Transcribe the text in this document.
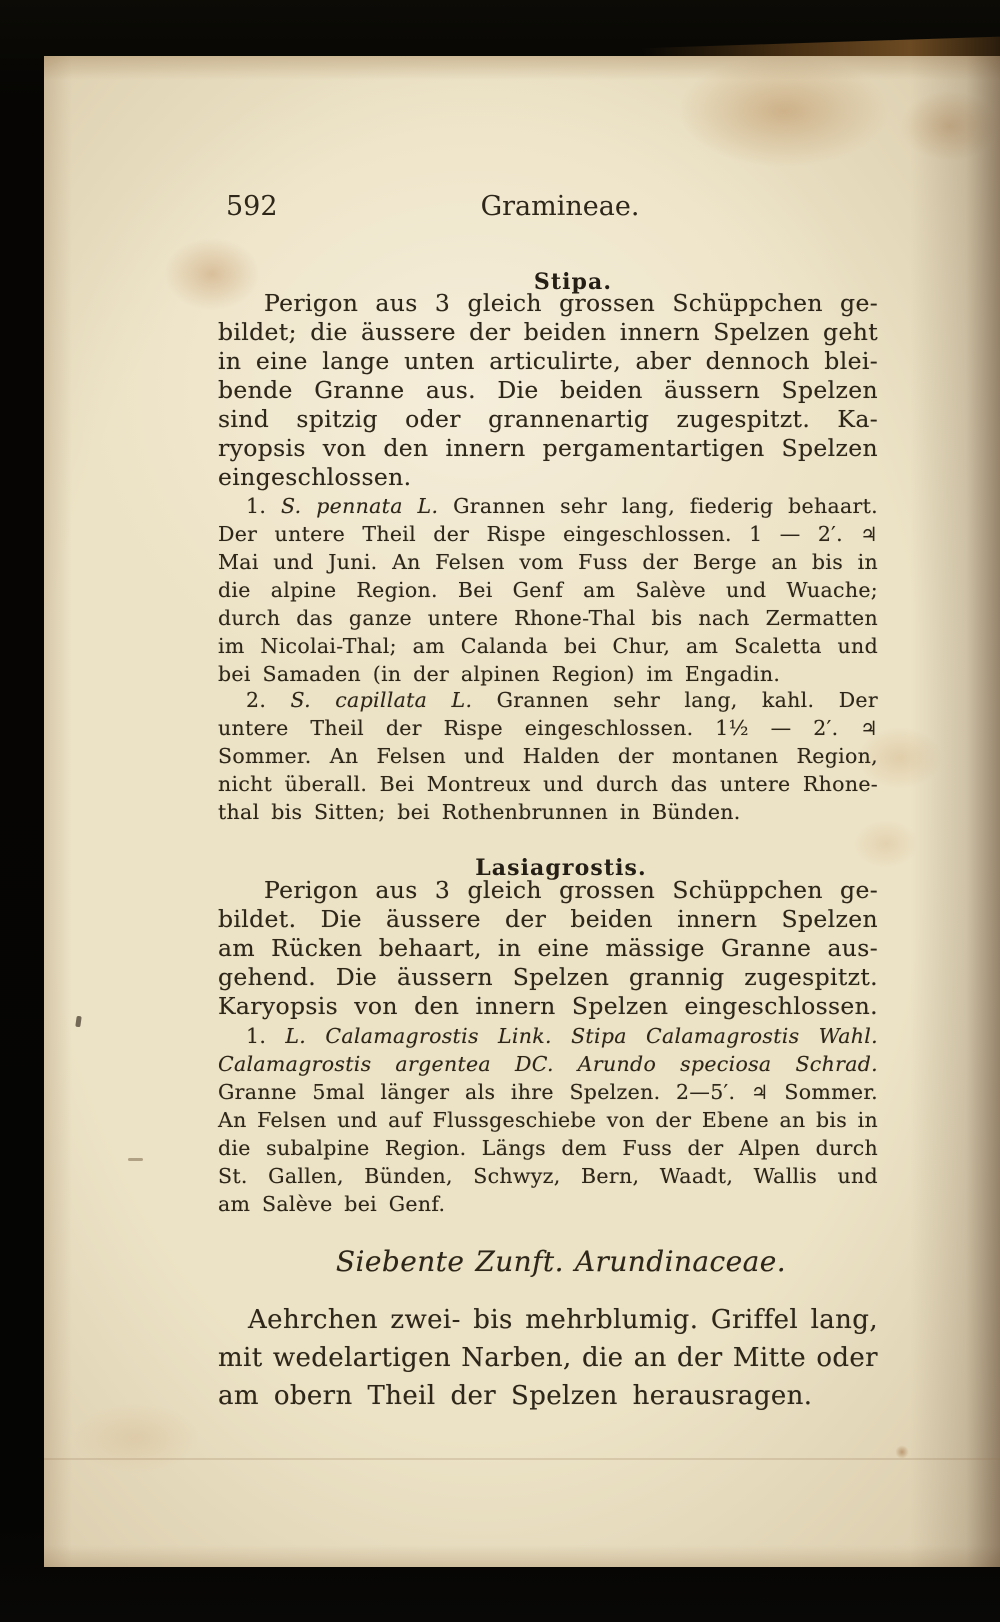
592	Gramineae.
Stipa.
Perigon aus 3 gleich grossen Schüppchen ge-
bildet; die äussere der beiden innern Spelzen geht
in eine lange unten articulirte, aber dennoch blei-
bende Granne aus. Die beiden äussern Spelzen
sind spitzig oder grannenartig zugespitzt. Ka-
ryopsis von den innern pergamentartigen Spelzen
eingeschlossen.
1. S. pennata L. Grannen sehr lang, fiederig behaart.
Der untere Theil der Rispe eingeschlossen. 1 — 2′. ♃
Mai und Juni. An Felsen vom Fuss der Berge an bis in
die alpine Region. Bei Genf am Salève und Wuache;
durch das ganze untere Rhone-Thal bis nach Zermatten
im Nicolai-Thal; am Calanda bei Chur, am Scaletta und
bei Samaden (in der alpinen Region) im Engadin.
2. S. capillata L. Grannen sehr lang, kahl. Der
untere Theil der Rispe eingeschlossen. 1½ — 2′. ♃
Sommer. An Felsen und Halden der montanen Region,
nicht überall. Bei Montreux und durch das untere Rhone-
thal bis Sitten; bei Rothenbrunnen in Bünden.
Lasiagrostis.
Perigon aus 3 gleich grossen Schüppchen ge-
bildet. Die äussere der beiden innern Spelzen
am Rücken behaart, in eine mässige Granne aus-
gehend. Die äussern Spelzen grannig zugespitzt.
Karyopsis von den innern Spelzen eingeschlossen.
1. L. Calamagrostis Link. Stipa Calamagrostis Wahl.
Calamagrostis argentea DC. Arundo speciosa Schrad.
Granne 5mal länger als ihre Spelzen. 2—5′. ♃ Sommer.
An Felsen und auf Flussgeschiebe von der Ebene an bis in
die subalpine Region. Längs dem Fuss der Alpen durch
St. Gallen, Bünden, Schwyz, Bern, Waadt, Wallis und
am Salève bei Genf.
Siebente Zunft. Arundinaceae.
Aehrchen zwei- bis mehrblumig. Griffel lang,
mit wedelartigen Narben, die an der Mitte oder
am obern Theil der Spelzen herausragen.
